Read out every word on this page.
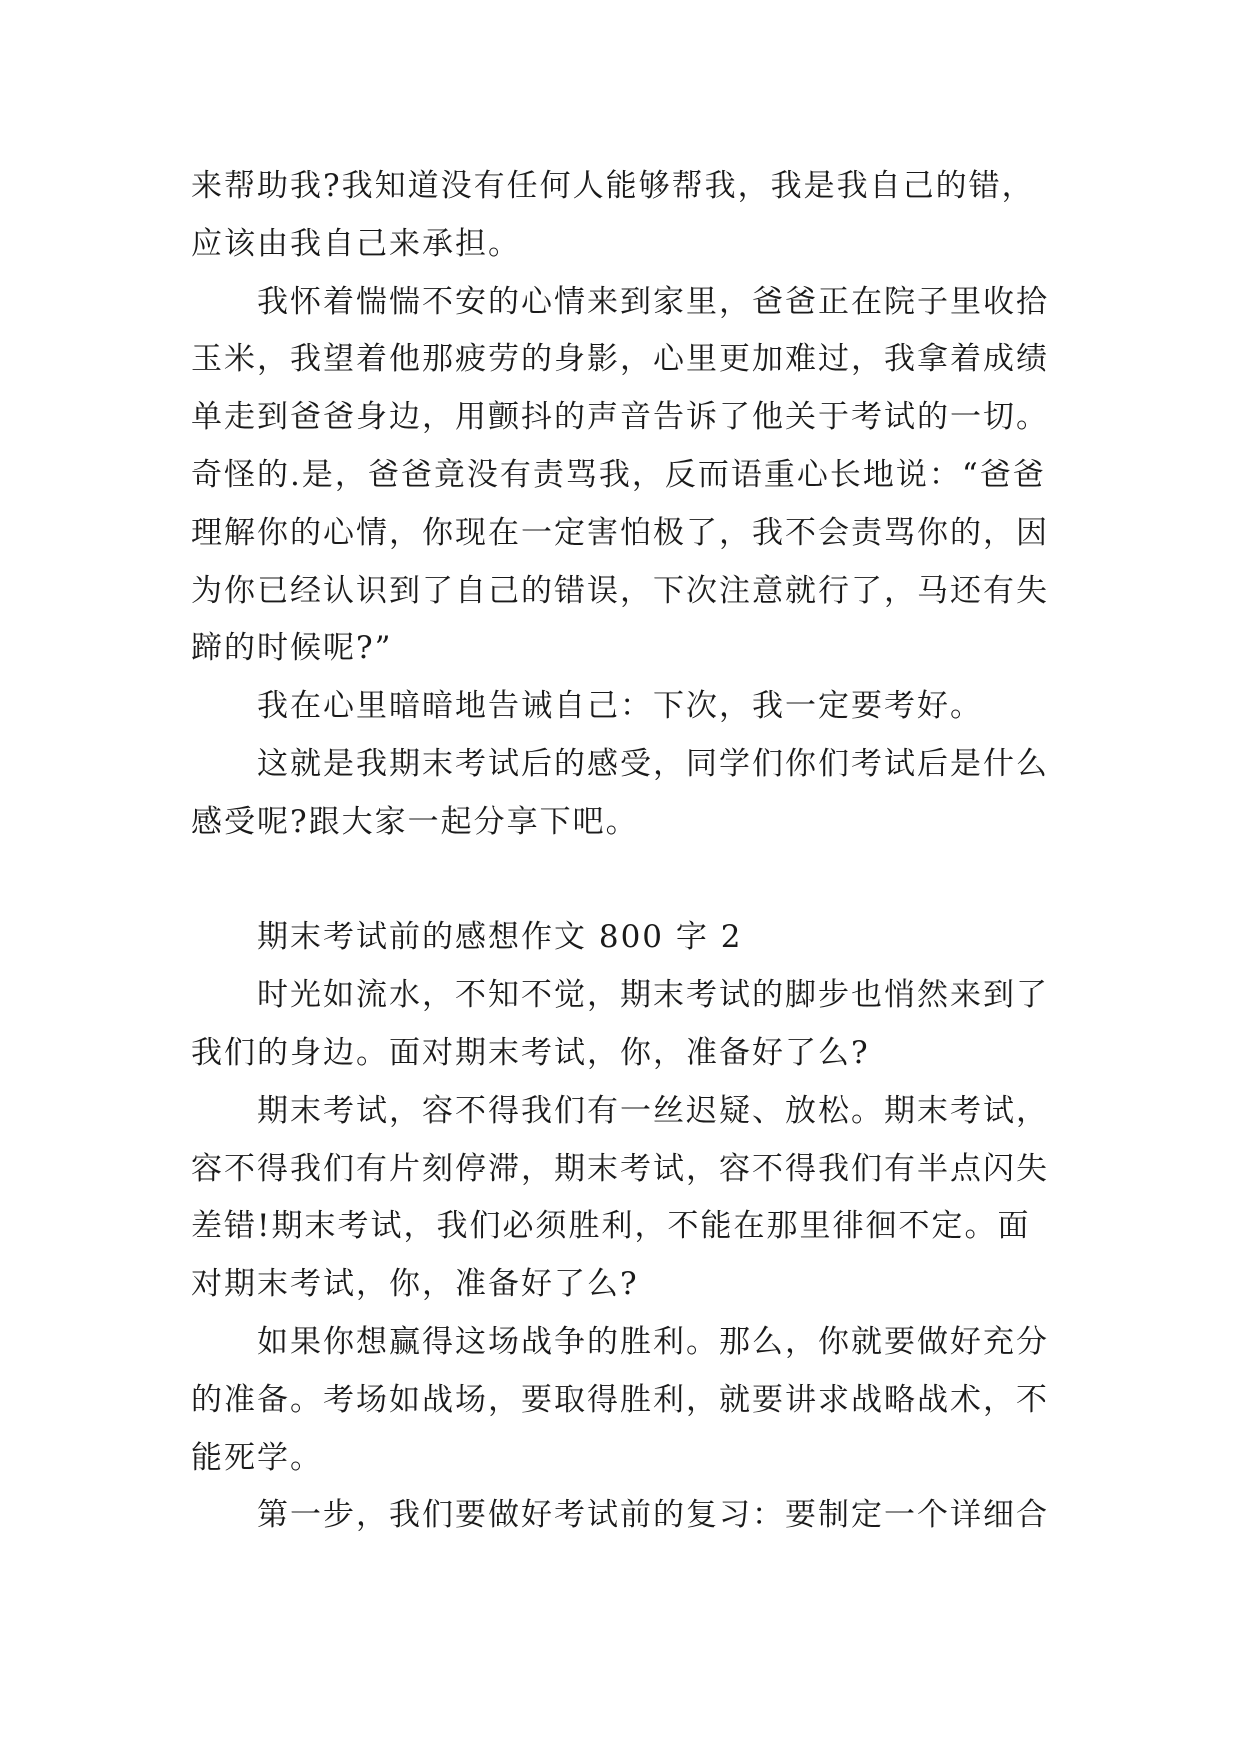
来帮助我?我知道没有任何人能够帮我，我是我自己的错，
应该由我自己来承担。
　　我怀着惴惴不安的心情来到家里，爸爸正在院子里收拾
玉米，我望着他那疲劳的身影，心里更加难过，我拿着成绩
单走到爸爸身边，用颤抖的声音告诉了他关于考试的一切。
奇怪的.是，爸爸竟没有责骂我，反而语重心长地说：“爸爸
理解你的心情，你现在一定害怕极了，我不会责骂你的，因
为你已经认识到了自己的错误，下次注意就行了，马还有失
蹄的时候呢?”
　　我在心里暗暗地告诫自己：下次，我一定要考好。
　　这就是我期末考试后的感受，同学们你们考试后是什么
感受呢?跟大家一起分享下吧。
　　期末考试前的感想作文 800 字 2
　　时光如流水，不知不觉，期末考试的脚步也悄然来到了
我们的身边。面对期末考试，你，准备好了么?
　　期末考试，容不得我们有一丝迟疑、放松。期末考试，
容不得我们有片刻停滞，期末考试，容不得我们有半点闪失
差错!期末考试，我们必须胜利，不能在那里徘徊不定。面
对期末考试，你，准备好了么?
　　如果你想赢得这场战争的胜利。那么，你就要做好充分
的准备。考场如战场，要取得胜利，就要讲求战略战术，不
能死学。
　　第一步，我们要做好考试前的复习：要制定一个详细合
